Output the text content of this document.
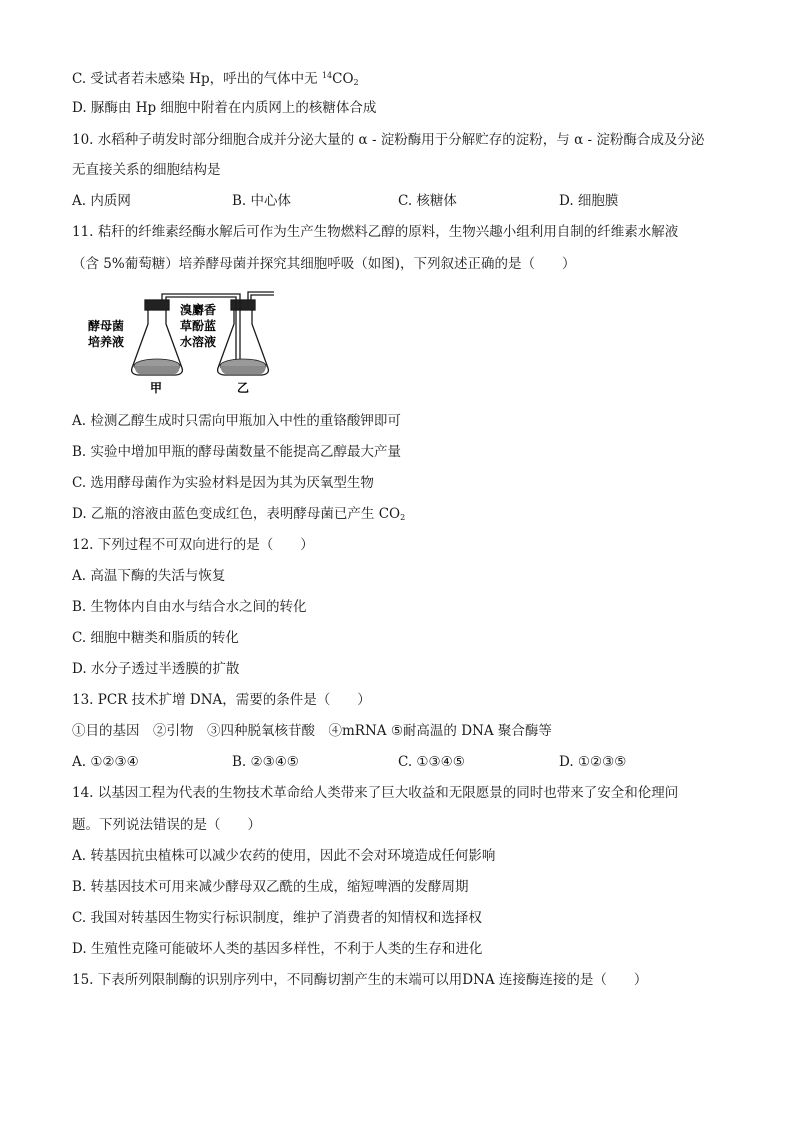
C. 受试者若未感染 Hp，呼出的气体中无 $^{14}CO_2$
D. 脲酶由 Hp 细胞中附着在内质网上的核糖体合成
10. 水稻种子萌发时部分细胞合成并分泌大量的 α - 淀粉酶用于分解贮存的淀粉，与 α - 淀粉酶合成及分泌
无直接关系的细胞结构是
A. 内质网	B. 中心体	C. 核糖体	D. 细胞膜
11. 秸秆的纤维素经酶水解后可作为生产生物燃料乙醇的原料，生物兴趣小组利用自制的纤维素水解液
（含 5%葡萄糖）培养酵母菌并探究其细胞呼吸（如图)，下列叙述正确的是（　　）
酵母菌
培养液
溴麝香
草酚蓝
水溶液
甲	乙
A. 检测乙醇生成时只需向甲瓶加入中性的重铬酸钾即可
B. 实验中增加甲瓶的酵母菌数量不能提高乙醇最大产量
C. 选用酵母菌作为实验材料是因为其为厌氧型生物
D. 乙瓶的溶液由蓝色变成红色，表明酵母菌已产生 $CO_2$
12. 下列过程不可双向进行的是（　　）
A. 高温下酶的失活与恢复
B. 生物体内自由水与结合水之间的转化
C. 细胞中糖类和脂质的转化
D. 水分子透过半透膜的扩散
13. PCR 技术扩增 DNA，需要的条件是（　　）
①目的基因　②引物　③四种脱氧核苷酸　④mRNA ⑤耐高温的 DNA 聚合酶等
A. ①②③④	B. ②③④⑤	C. ①③④⑤	D. ①②③⑤
14. 以基因工程为代表的生物技术革命给人类带来了巨大收益和无限愿景的同时也带来了安全和伦理问
题。下列说法错误的是（　　）
A. 转基因抗虫植株可以减少农药的使用，因此不会对环境造成任何影响
B. 转基因技术可用来减少酵母双乙酰的生成，缩短啤酒的发酵周期
C. 我国对转基因生物实行标识制度，维护了消费者的知情权和选择权
D. 生殖性克隆可能破坏人类的基因多样性，不利于人类的生存和进化
15. 下表所列限制酶的识别序列中，不同酶切割产生的末端可以用DNA 连接酶连接的是（　　）
